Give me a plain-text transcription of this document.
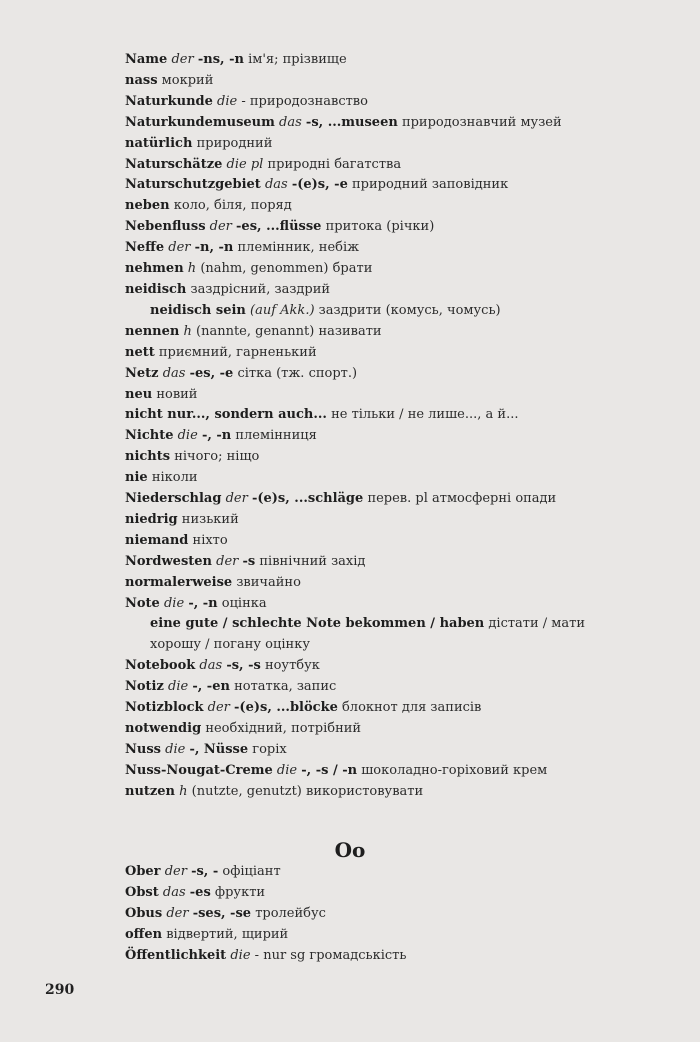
Name der -ns, -n ім'я; прізвище
nass мокрий
Naturkunde die - природознавство
Naturkundemuseum das -s, ...museen природознавчий музей
natürlich природний
Naturschätze die pl природні багатства
Naturschutzgebiet das -(e)s, -e природний заповідник
neben коло, біля, поряд
Nebenfluss der -es, ...flüsse притока (річки)
Neffe der -n, -n племінник, небіж
nehmen h (nahm, genommen) брати
neidisch заздрісний, заздрий
neidisch sein (auf Akk.) заздрити (комусь, чомусь)
nennen h (nannte, genannt) називати
nett приємний, гарненький
Netz das -es, -e сітка (тж. спорт.)
neu новий
nicht nur..., sondern auch... не тільки / не лише..., а й...
Nichte die -, -n племінниця
nichts нічого; ніщо
nie ніколи
Niederschlag der -(e)s, ...schläge перев. pl атмосферні опади
niedrig низький
niemand ніхто
Nordwesten der -s північний захід
normalerweise звичайно
Note die -, -n оцінка
eine gute / schlechte Note bekommen / haben дістати / мати хорошу / погану оцінку
Notebook das -s, -s ноутбук
Notiz die -, -en нотатка, запис
Notizblock der -(e)s, ...blöcke блокнот для записів
notwendig необхідний, потрібний
Nuss die -, Nüsse горіх
Nuss-Nougat-Creme die -, -s / -n шоколадно-горіховий крем
nutzen h (nutzte, genutzt) використовувати
Oo
Ober der -s, - офіціант
Obst das -es фрукти
Obus der -ses, -se тролейбус
offen відвертий, щирий
Öffentlichkeit die - nur sg громадськість
290
